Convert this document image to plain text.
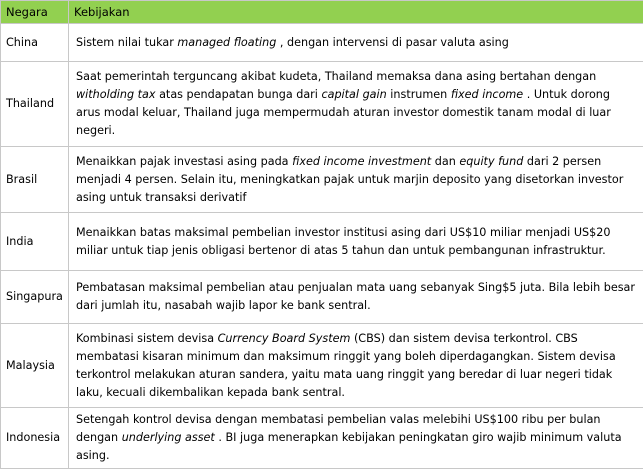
Negara	Kebijakan
China	Sistem nilai tukar managed floating , dengan intervensi di pasar valuta asing
Thailand	Saat pemerintah terguncang akibat kudeta, Thailand memaksa dana asing bertahan dengan witholding tax atas pendapatan bunga dari capital gain instrumen fixed income . Untuk dorong arus modal keluar, Thailand juga mempermudah aturan investor domestik tanam modal di luar negeri.
Brasil	Menaikkan pajak investasi asing pada fixed income investment dan equity fund dari 2 persen menjadi 4 persen. Selain itu, meningkatkan pajak untuk marjin deposito yang disetorkan investor asing untuk transaksi derivatif
India	Menaikkan batas maksimal pembelian investor institusi asing dari US$10 miliar menjadi US$20 miliar untuk tiap jenis obligasi bertenor di atas 5 tahun dan untuk pembangunan infrastruktur.
Singapura	Pembatasan maksimal pembelian atau penjualan mata uang sebanyak Sing$5 juta. Bila lebih besar dari jumlah itu, nasabah wajib lapor ke bank sentral.
Malaysia	Kombinasi sistem devisa Currency Board System (CBS) dan sistem devisa terkontrol. CBS membatasi kisaran minimum dan maksimum ringgit yang boleh diperdagangkan. Sistem devisa terkontrol melakukan aturan sandera, yaitu mata uang ringgit yang beredar di luar negeri tidak laku, kecuali dikembalikan kepada bank sentral.
Indonesia	Setengah kontrol devisa dengan membatasi pembelian valas melebihi US$100 ribu per bulan dengan underlying asset . BI juga menerapkan kebijakan peningkatan giro wajib minimum valuta asing.
